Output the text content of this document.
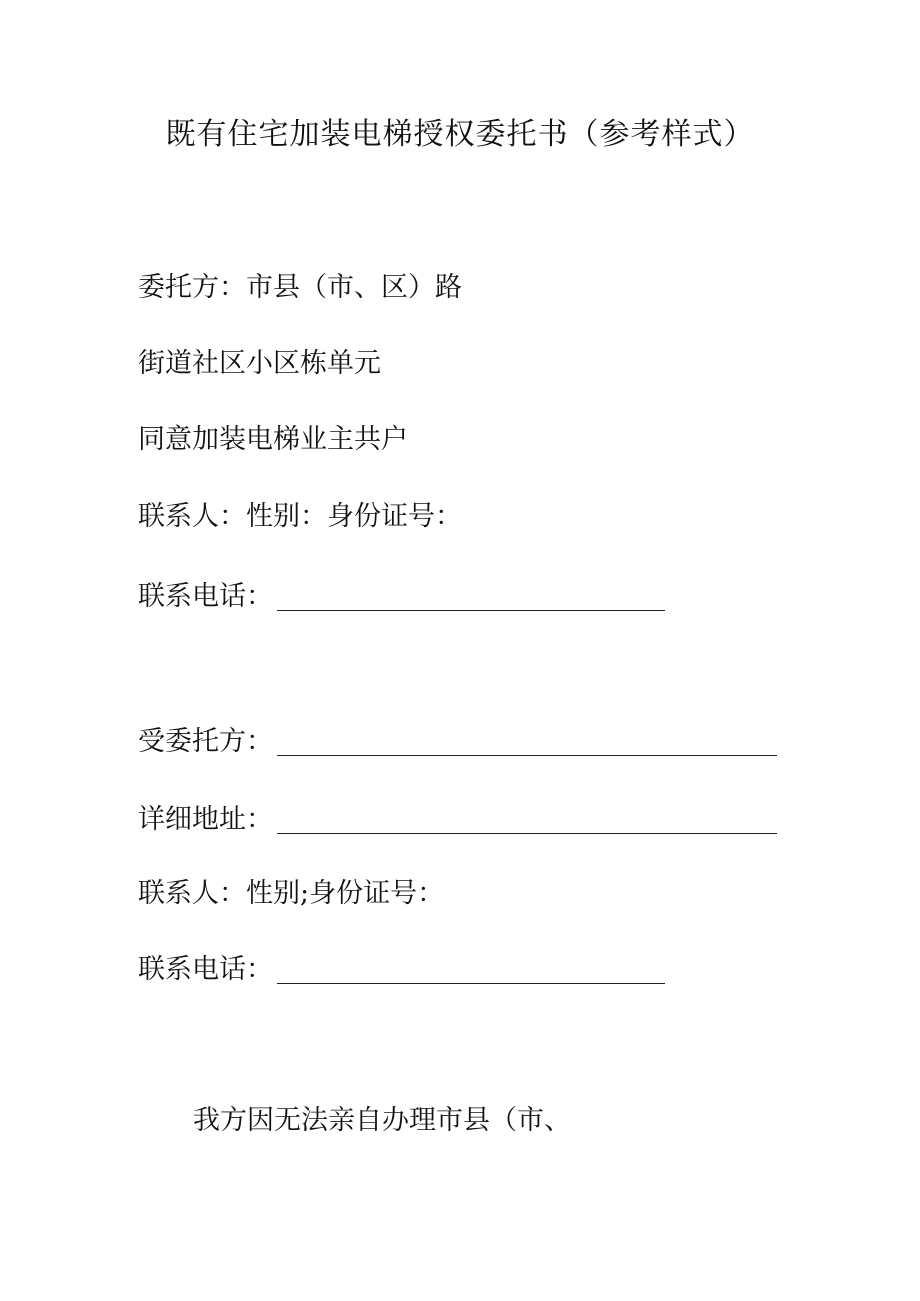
既有住宅加装电梯授权委托书（参考样式）
委托方：市县（市、区）路
街道社区小区栋单元
同意加装电梯业主共户
联系人：性别：身份证号：
联系电话：
受委托方：
详细地址：
联系人：性别;身份证号：
联系电话：
我方因无法亲自办理市县（市、
